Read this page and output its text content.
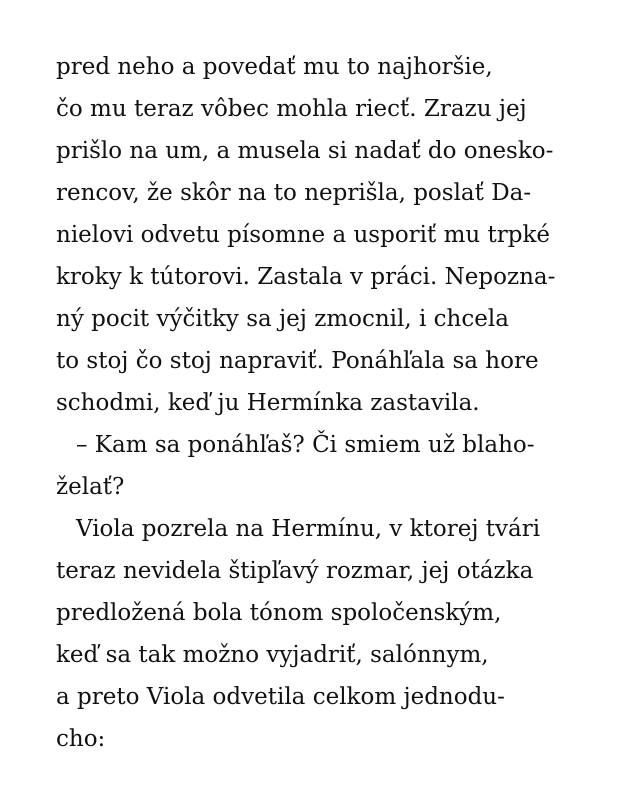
pred neho a povedať mu to najhoršie,
čo mu teraz vôbec mohla riecť. Zrazu jej
prišlo na um, a musela si nadať do onesko-
rencov, že skôr na to neprišla, poslať Da-
nielovi odvetu písomne a usporiť mu trpké
kroky k tútorovi. Zastala v práci. Nepozna-
ný pocit výčitky sa jej zmocnil, i chcela
to stoj čo stoj napraviť. Ponáhľala sa hore
schodmi, keď ju Hermínka zastavila.
– Kam sa ponáhľaš? Či smiem už blaho-
želať?
Viola pozrela na Hermínu, v ktorej tvári
teraz nevidela štipľavý rozmar, jej otázka
predložená bola tónom spoločenským,
keď sa tak možno vyjadriť, salónnym,
a preto Viola odvetila celkom jednodu-
cho:
